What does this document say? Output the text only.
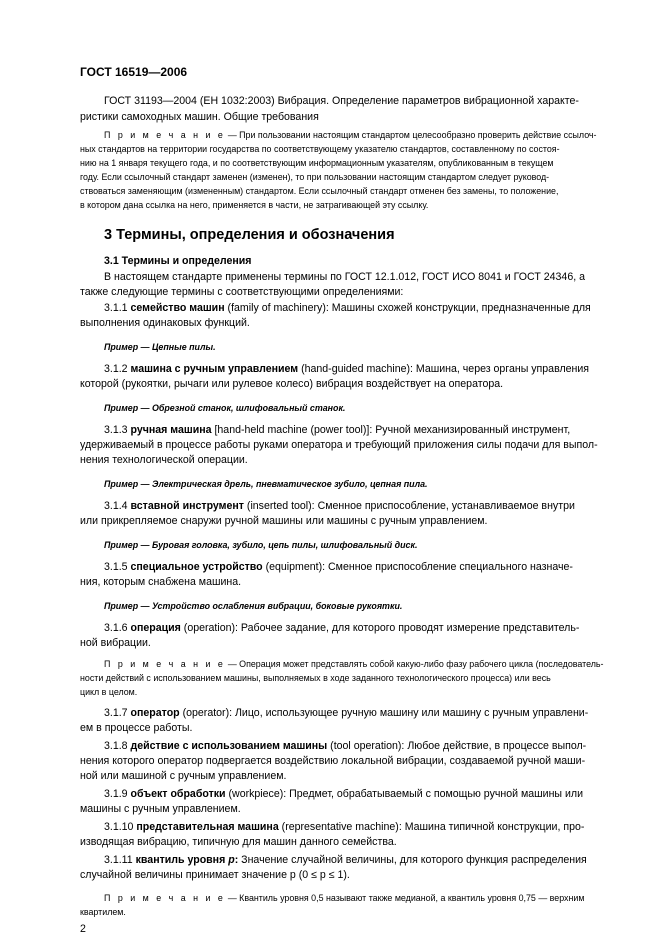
ГОСТ 16519—2006
ГОСТ 31193—2004 (ЕН 1032:2003) Вибрация. Определение параметров вибрационной характе-
ристики самоходных машин. Общие требования
П р и м е ч а н и е — При пользовании настоящим стандартом целесообразно проверить действие ссылоч-
ных стандартов на территории государства по соответствующему указателю стандартов, составленному по состоя-
нию на 1 января текущего года, и по соответствующим информационным указателям, опубликованным в текущем
году. Если ссылочный стандарт заменен (изменен), то при пользовании настоящим стандартом следует руковод-
ствоваться заменяющим (измененным) стандартом. Если ссылочный стандарт отменен без замены, то положение,
в котором дана ссылка на него, применяется в части, не затрагивающей эту ссылку.
3 Термины, определения и обозначения
3.1 Термины и определения
В настоящем стандарте применены термины по ГОСТ 12.1.012, ГОСТ ИСО 8041 и ГОСТ 24346, а
также следующие термины с соответствующими определениями:
3.1.1 семейство машин (family of machinery): Машины схожей конструкции, предназначенные для
выполнения одинаковых функций.
Пример — Цепные пилы.
3.1.2 машина с ручным управлением (hand-guided machine): Машина, через органы управления
которой (рукоятки, рычаги или рулевое колесо) вибрация воздействует на оператора.
Пример — Обрезной станок, шлифовальный станок.
3.1.3 ручная машина [hand-held machine (power tool)]: Ручной механизированный инструмент,
удерживаемый в процессе работы руками оператора и требующий приложения силы подачи для выпол-
нения технологической операции.
Пример — Электрическая дрель, пневматическое зубило, цепная пила.
3.1.4 вставной инструмент (inserted tool): Сменное приспособление, устанавливаемое внутри
или прикрепляемое снаружи ручной машины или машины с ручным управлением.
Пример — Буровая головка, зубило, цепь пилы, шлифовальный диск.
3.1.5 специальное устройство (equipment): Сменное приспособление специального назначе-
ния, которым снабжена машина.
Пример — Устройство ослабления вибрации, боковые рукоятки.
3.1.6 операция (operation): Рабочее задание, для которого проводят измерение представитель-
ной вибрации.
П р и м е ч а н и е — Операция может представлять собой какую-либо фазу рабочего цикла (последователь-
ности действий с использованием машины, выполняемых в ходе заданного технологического процесса) или весь
цикл в целом.
3.1.7 оператор (operator): Лицо, использующее ручную машину или машину с ручным управлени-
ем в процессе работы.
3.1.8 действие с использованием машины (tool operation): Любое действие, в процессе выпол-
нения которого оператор подвергается воздействию локальной вибрации, создаваемой ручной маши-
ной или машиной с ручным управлением.
3.1.9 объект обработки (workpiece): Предмет, обрабатываемый с помощью ручной машины или
машины с ручным управлением.
3.1.10 представительная машина (representative machine): Машина типичной конструкции, про-
изводящая вибрацию, типичную для машин данного семейства.
3.1.11 квантиль уровня p: Значение случайной величины, для которого функция распределения
случайной величины принимает значение p (0 ≤ p ≤ 1).
П р и м е ч а н и е — Квантиль уровня 0,5 называют также медианой, а квантиль уровня 0,75 — верхним
квартилем.
2
